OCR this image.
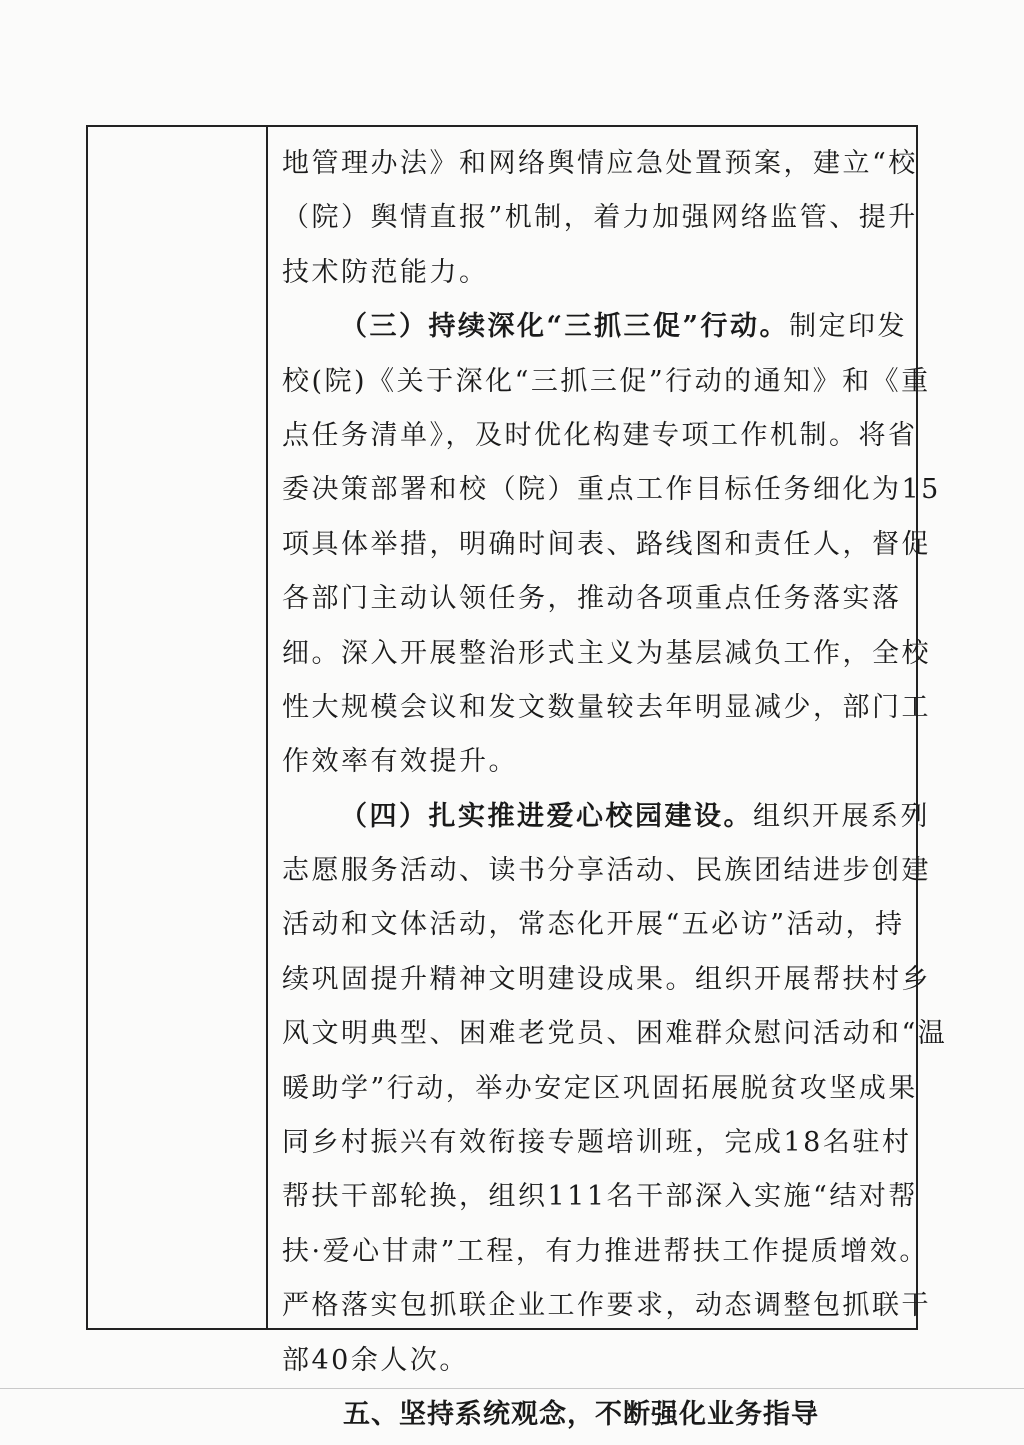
地管理办法》和网络舆情应急处置预案，建立“校
（院）舆情直报”机制，着力加强网络监管、提升
技术防范能力。
（三）持续深化“三抓三促”行动。制定印发
校(院)《关于深化“三抓三促”行动的通知》和《重
点任务清单》，及时优化构建专项工作机制。将省
委决策部署和校（院）重点工作目标任务细化为15
项具体举措，明确时间表、路线图和责任人，督促
各部门主动认领任务，推动各项重点任务落实落
细。深入开展整治形式主义为基层减负工作，全校
性大规模会议和发文数量较去年明显减少，部门工
作效率有效提升。
（四）扎实推进爱心校园建设。组织开展系列
志愿服务活动、读书分享活动、民族团结进步创建
活动和文体活动，常态化开展“五必访”活动，持
续巩固提升精神文明建设成果。组织开展帮扶村乡
风文明典型、困难老党员、困难群众慰问活动和“温
暖助学”行动，举办安定区巩固拓展脱贫攻坚成果
同乡村振兴有效衔接专题培训班，完成18名驻村
帮扶干部轮换，组织111名干部深入实施“结对帮
扶·爱心甘肃”工程，有力推进帮扶工作提质增效。
严格落实包抓联企业工作要求，动态调整包抓联干
部40余人次。
五、坚持系统观念，不断强化业务指导
